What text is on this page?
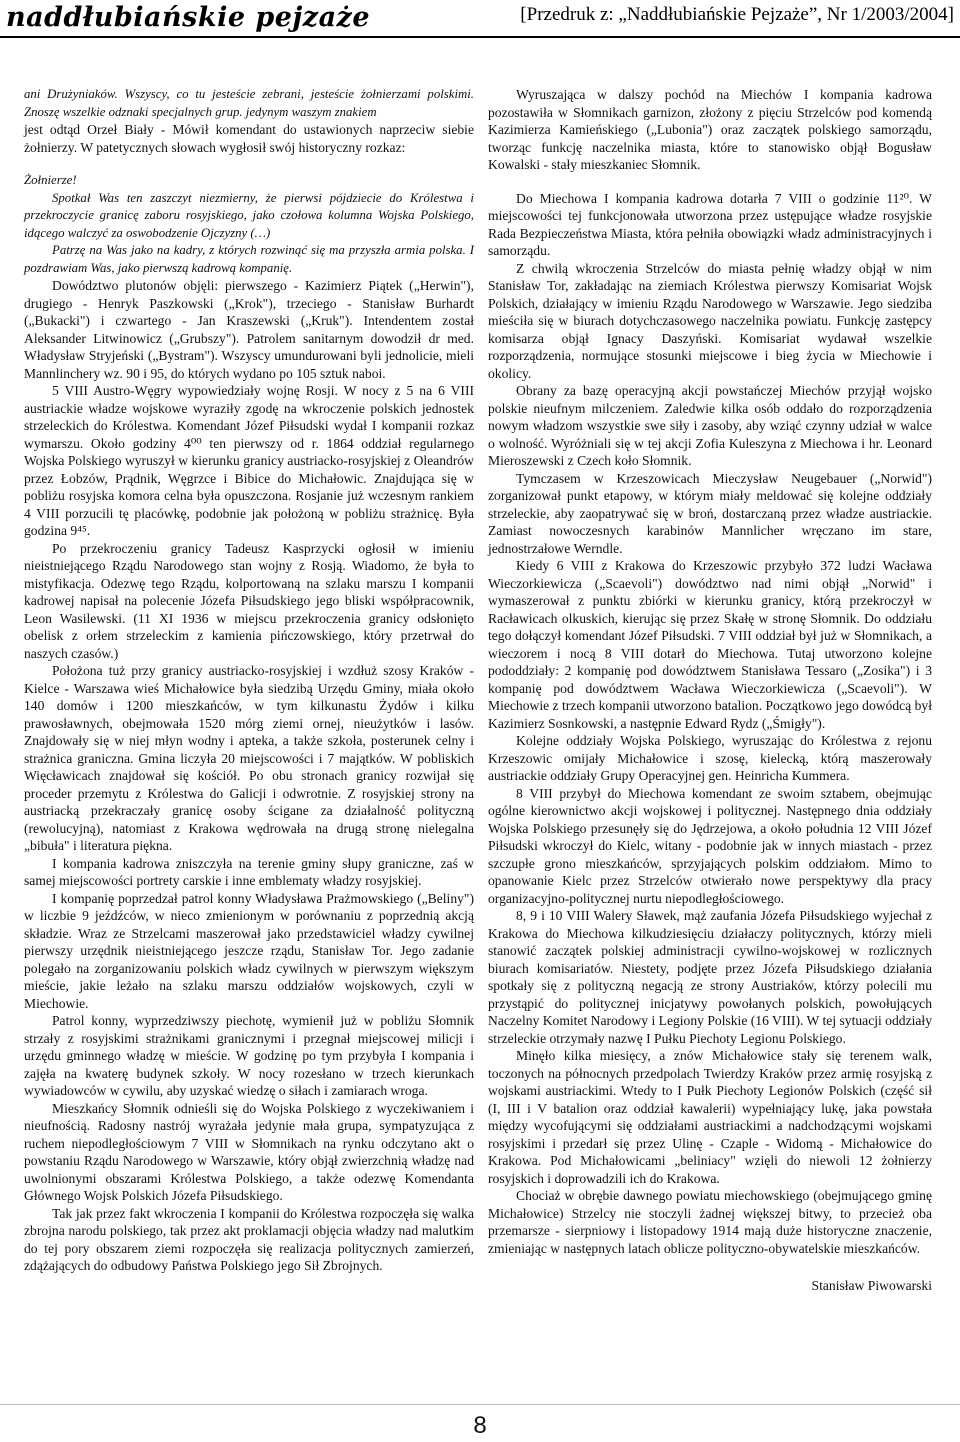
naddłubiańskie pejzaże	[Przedruk z: „Naddłubiańskie Pejzaże”, Nr 1/2003/2004]

ani Drużyniaków. Wszyscy, co tu jesteście zebrani, jesteście żołnierzami polskimi. Znoszę wszelkie odznaki specjalnych grup. jedynym waszym znakiem

jest odtąd Orzeł Biały - Mówił komendant do ustawionych naprzeciw siebie żołnierzy. W patetycznych słowach wygłosił swój historyczny rozkaz:

Żołnierze!

Spotkał Was ten zaszczyt niezmierny, że pierwsi pójdziecie do Królestwa i przekroczycie granicę zaboru rosyjskiego, jako czołowa kolumna Wojska Polskiego, idącego walczyć za oswobodzenie Ojczyzny (…)

Patrzę na Was jako na kadry, z których rozwinąć się ma przyszła armia polska. I pozdrawiam Was, jako pierwszą kadrową kompanię.

Dowództwo plutonów objęli: pierwszego - Kazimierz Piątek („Herwin"), drugiego - Henryk Paszkowski („Krok"), trzeciego - Stanisław Burhardt („Bukacki") i czwartego - Jan Kraszewski („Kruk"). Intendentem został Aleksander Litwinowicz („Grubszy"). Patrolem sanitarnym dowodził dr med. Władysław Stryjeński („Bystram"). Wszyscy umundurowani byli jednolicie, mieli Mannlinchery wz. 90 i 95, do których wydano po 105 sztuk naboi.

5 VIII Austro-Węgry wypowiedziały wojnę Rosji. W nocy z 5 na 6 VIII austriackie władze wojskowe wyraziły zgodę na wkroczenie polskich jednostek strzeleckich do Królestwa. Komendant Józef Piłsudski wydał I kompanii rozkaz wymarszu. Około godziny 4⁰⁰ ten pierwszy od r. 1864 oddział regularnego Wojska Polskiego wyruszył w kierunku granicy austriacko-rosyjskiej z Oleandrów przez Łobzów, Prądnik, Węgrzce i Bibice do Michałowic. Znajdująca się w pobliżu rosyjska komora celna była opuszczona. Rosjanie już wczesnym rankiem 4 VIII porzucili tę placówkę, podobnie jak położoną w pobliżu strażnicę. Była godzina 9⁴⁵.

Po przekroczeniu granicy Tadeusz Kasprzycki ogłosił w imieniu nieistniejącego Rządu Narodowego stan wojny z Rosją. Wiadomo, że była to mistyfikacja. Odezwę tego Rządu, kolportowaną na szlaku marszu I kompanii kadrowej napisał na polecenie Józefa Piłsudskiego jego bliski współpracownik, Leon Wasilewski. (11 XI 1936 w miejscu przekroczenia granicy odsłonięto obelisk z orłem strzeleckim z kamienia pińczowskiego, który przetrwał do naszych czasów.)

Położona tuż przy granicy austriacko-rosyjskiej i wzdłuż szosy Kraków - Kielce - Warszawa wieś Michałowice była siedzibą Urzędu Gminy, miała około 140 domów i 1200 mieszkańców, w tym kilkunastu Żydów i kilku prawosławnych, obejmowała 1520 mórg ziemi ornej, nieużytków i lasów. Znajdowały się w niej młyn wodny i apteka, a także szkoła, posterunek celny i strażnica graniczna. Gmina liczyła 20 miejscowości i 7 majątków. W pobliskich Więcławicach znajdował się kościół. Po obu stronach granicy rozwijał się proceder przemytu z Królestwa do Galicji i odwrotnie. Z rosyjskiej strony na austriacką przekraczały granicę osoby ścigane za działalność polityczną (rewolucyjną), natomiast z Krakowa wędrowała na drugą stronę nielegalna „bibuła" i literatura piękna.

I kompania kadrowa zniszczyła na terenie gminy słupy graniczne, zaś w samej miejscowości portrety carskie i inne emblematy władzy rosyjskiej.

I kompanię poprzedzał patrol konny Władysława Prażmowskiego („Beliny") w liczbie 9 jeźdźców, w nieco zmienionym w porównaniu z poprzednią akcją składzie. Wraz ze Strzelcami maszerował jako przedstawiciel władzy cywilnej pierwszy urzędnik nieistniejącego jeszcze rządu, Stanisław Tor. Jego zadanie polegało na zorganizowaniu polskich władz cywilnych w pierwszym większym mieście, jakie leżało na szlaku marszu oddziałów wojskowych, czyli w Miechowie.

Patrol konny, wyprzedziwszy piechotę, wymienił już w pobliżu Słomnik strzały z rosyjskimi strażnikami granicznymi i przegnał miejscowej milicji i urzędu gminnego władzę w mieście. W godzinę po tym przybyła I kompania i zajęła na kwaterę budynek szkoły. W nocy rozesłano w trzech kierunkach wywiadowców w cywilu, aby uzyskać wiedzę o siłach i zamiarach wroga.

Mieszkańcy Słomnik odnieśli się do Wojska Polskiego z wyczekiwaniem i nieufnością. Radosny nastrój wyrażała jedynie mała grupa, sympatyzująca z ruchem niepodległościowym 7 VIII w Słomnikach na rynku odczytano akt o powstaniu Rządu Narodowego w Warszawie, który objął zwierzchnią władzę nad uwolnionymi obszarami Królestwa Polskiego, a także odezwę Komendanta Głównego Wojsk Polskich Józefa Piłsudskiego.

Tak jak przez fakt wkroczenia I kompanii do Królestwa rozpoczęła się walka zbrojna narodu polskiego, tak przez akt proklamacji objęcia władzy nad malutkim do tej pory obszarem ziemi rozpoczęła się realizacja politycznych zamierzeń, zdążających do odbudowy Państwa Polskiego jego Sił Zbrojnych.

Wyruszająca w dalszy pochód na Miechów I kompania kadrowa pozostawiła w Słomnikach garnizon, złożony z pięciu Strzelców pod komendą Kazimierza Kamieńskiego („Lubonia") oraz zaczątek polskiego samorządu, tworząc funkcję naczelnika miasta, które to stanowisko objął Bogusław Kowalski - stały mieszkaniec Słomnik.

Do Miechowa I kompania kadrowa dotarła 7 VIII o godzinie 11²⁰. W miejscowości tej funkcjonowała utworzona przez ustępujące władze rosyjskie Rada Bezpieczeństwa Miasta, która pełniła obowiązki władz administracyjnych i samorządu.

Z chwilą wkroczenia Strzelców do miasta pełnię władzy objął w nim Stanisław Tor, zakładając na ziemiach Królestwa pierwszy Komisariat Wojsk Polskich, działający w imieniu Rządu Narodowego w Warszawie. Jego siedziba mieściła się w biurach dotychczasowego naczelnika powiatu. Funkcję zastępcy komisarza objął Ignacy Daszyński. Komisariat wydawał wszelkie rozporządzenia, normujące stosunki miejscowe i bieg życia w Miechowie i okolicy.

Obrany za bazę operacyjną akcji powstańczej Miechów przyjął wojsko polskie nieufnym milczeniem. Zaledwie kilka osób oddało do rozporządzenia nowym władzom wszystkie swe siły i zasoby, aby wziąć czynny udział w walce o wolność. Wyróżniali się w tej akcji Zofia Kuleszyna z Miechowa i hr. Leonard Mieroszewski z Czech koło Słomnik.

Tymczasem w Krzeszowicach Mieczysław Neugebauer („Norwid") zorganizował punkt etapowy, w którym miały meldować się kolejne oddziały strzeleckie, aby zaopatrywać się w broń, dostarczaną przez władze austriackie. Zamiast nowoczesnych karabinów Mannlicher wręczano im stare, jednostrzałowe Werndle.

Kiedy 6 VIII z Krakowa do Krzeszowic przybyło 372 ludzi Wacława Wieczorkiewicza („Scaevoli") dowództwo nad nimi objął „Norwid" i wymaszerował z punktu zbiórki w kierunku granicy, którą przekroczył w Racławicach olkuskich, kierując się przez Skałę w stronę Słomnik. Do oddziału tego dołączył komendant Józef Piłsudski. 7 VIII oddział był już w Słomnikach, a wieczorem i nocą 8 VIII dotarł do Miechowa. Tutaj utworzono kolejne pododdziały: 2 kompanię pod dowództwem Stanisława Tessaro („Zosika") i 3 kompanię pod dowództwem Wacława Wieczorkiewicza („Scaevoli"). W Miechowie z trzech kompanii utworzono batalion. Początkowo jego dowódcą był Kazimierz Sosnkowski, a następnie Edward Rydz („Śmigły").

Kolejne oddziały Wojska Polskiego, wyruszając do Królestwa z rejonu Krzeszowic omijały Michałowice i szosę, kielecką, którą maszerowały austriackie oddziały Grupy Operacyjnej gen. Heinricha Kummera.

8 VIII przybył do Miechowa komendant ze swoim sztabem, obejmując ogólne kierownictwo akcji wojskowej i politycznej. Następnego dnia oddziały Wojska Polskiego przesunęły się do Jędrzejowa, a około południa 12 VIII Józef Piłsudski wkroczył do Kielc, witany - podobnie jak w innych miastach - przez szczupłe grono mieszkańców, sprzyjających polskim oddziałom. Mimo to opanowanie Kielc przez Strzelców otwierało nowe perspektywy dla pracy organizacyjno-politycznej nurtu niepodległościowego.

8, 9 i 10 VIII Walery Sławek, mąż zaufania Józefa Piłsudskiego wyjechał z Krakowa do Miechowa kilkudziesięciu działaczy politycznych, którzy mieli stanowić zaczątek polskiej administracji cywilno-wojskowej w rozlicznych biurach komisariatów. Niestety, podjęte przez Józefa Piłsudskiego działania spotkały się z polityczną negacją ze strony Austriaków, którzy polecili mu przystąpić do politycznej inicjatywy powołanych polskich, powołujących Naczelny Komitet Narodowy i Legiony Polskie (16 VIII). W tej sytuacji oddziały strzeleckie otrzymały nazwę I Pułku Piechoty Legionu Polskiego.

Minęło kilka miesięcy, a znów Michałowice stały się terenem walk, toczonych na północnych przedpolach Twierdzy Kraków przez armię rosyjską z wojskami austriackimi. Wtedy to I Pułk Piechoty Legionów Polskich (część sił (I, III i V batalion oraz oddział kawalerii) wypełniający lukę, jaka powstała między wycofującymi się oddziałami austriackimi a nadchodzącymi wojskami rosyjskimi i przedarł się przez Ulinę - Czaple - Widomą - Michałowice do Krakowa. Pod Michałowicami „beliniacy" wzięli do niewoli 12 żołnierzy rosyjskich i doprowadzili ich do Krakowa.

Chociaż w obrębie dawnego powiatu miechowskiego (obejmującego gminę Michałowice) Strzelcy nie stoczyli żadnej większej bitwy, to przecież oba przemarsze - sierpniowy i listopadowy 1914 mają duże historyczne znaczenie, zmieniając w następnych latach oblicze polityczno-obywatelskie mieszkańców.

Stanisław Piwowarski

8
